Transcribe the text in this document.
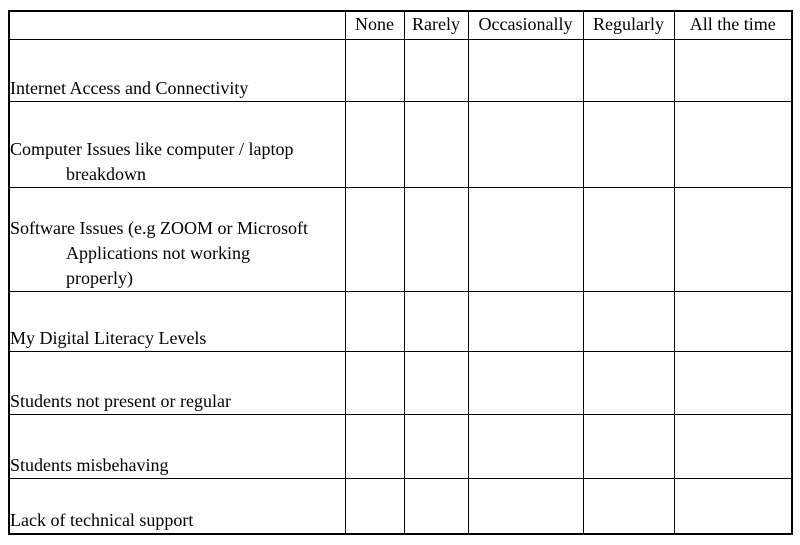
	None	Rarely	Occasionally	Regularly	All the time

Internet Access and Connectivity					

Computer Issues like computer / laptop
breakdown					

Software Issues (e.g ZOOM or Microsoft
Applications not working
properly)					

My Digital Literacy Levels					

Students not present or regular					

Students misbehaving					

Lack of technical support					
